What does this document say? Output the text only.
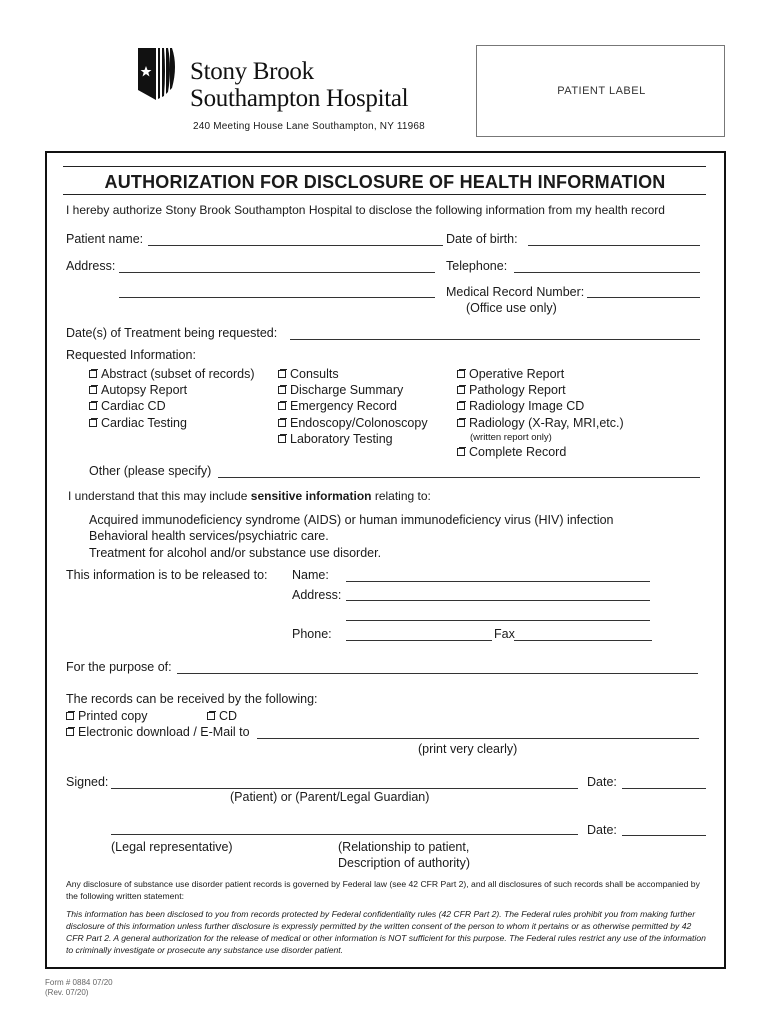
Stony Brook
Southampton Hospital
240 Meeting House Lane Southampton, NY 11968
PATIENT LABEL
AUTHORIZATION FOR DISCLOSURE OF HEALTH INFORMATION
I hereby authorize Stony Brook Southampton Hospital to disclose the following information from my health record
Patient name:	Date of birth:
Address:	Telephone:
Medical Record Number:
(Office use only)
Date(s) of Treatment being requested:
Requested Information:
Abstract (subset of records)
Autopsy Report
Cardiac CD
Cardiac Testing
Consults
Discharge Summary
Emergency Record
Endoscopy/Colonoscopy
Laboratory Testing
Operative Report
Pathology Report
Radiology Image CD
Radiology (X-Ray, MRI,etc.)
(written report only)
Complete Record
Other (please specify)
I understand that this may include sensitive information relating to:
Acquired immunodeficiency syndrome (AIDS) or human immunodeficiency virus (HIV) infection
Behavioral health services/psychiatric care.
Treatment for alcohol and/or substance use disorder.
This information is to be released to: Name:
Address:
Phone:	Fax
For the purpose of:
The records can be received by the following:
Printed copy	CD
Electronic download / E-Mail to
(print very clearly)
Signed:	Date:
(Patient) or (Parent/Legal Guardian)
Date:
(Legal representative)	(Relationship to patient,
Description of authority)
Any disclosure of substance use disorder patient records is governed by Federal law (see 42 CFR Part 2), and all disclosures of such records shall be accompanied by the following written statement:
This information has been disclosed to you from records protected by Federal confidentiality rules (42 CFR Part 2). The Federal rules prohibit you from making further disclosure of this information unless further disclosure is expressly permitted by the written consent of the person to whom it pertains or as otherwise permitted by 42 CFR Part 2. A general authorization for the release of medical or other information is NOT sufficient for this purpose. The Federal rules restrict any use of the information to criminally investigate or prosecute any substance use disorder patient.
Form # 0884 07/20
(Rev. 07/20)
